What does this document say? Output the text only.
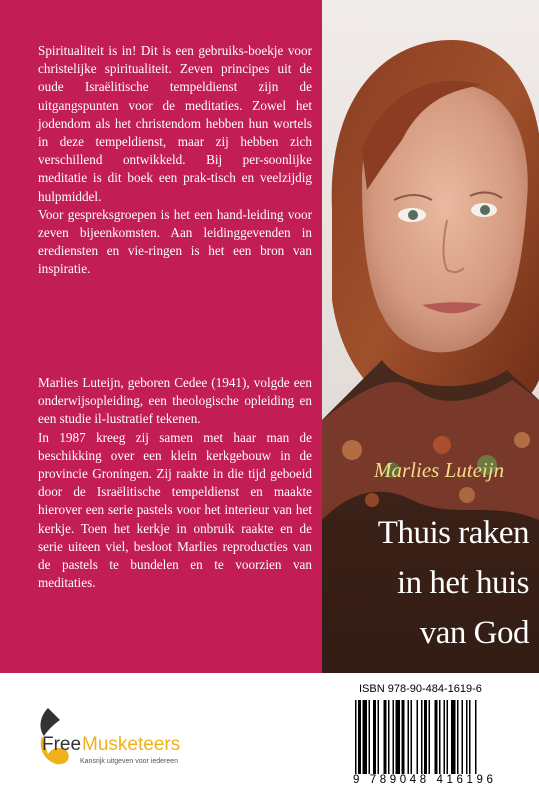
Spiritualiteit is in! Dit is een gebruiks-boekje voor christelijke spiritualiteit. Zeven principes uit de oude Israëlitische tempeldienst zijn de uitgangspunten voor de meditaties. Zowel het jodendom als het christendom hebben hun wortels in deze tempeldienst, maar zij hebben zich verschillend ontwikkeld. Bij per-soonlijke meditatie is dit boek een prak-tisch en veelzijdig hulpmiddel.

Voor gespreksgroepen is het een hand-leiding voor zeven bijeenkomsten. Aan leidinggevenden in erediensten en vie-ringen is het een bron van inspiratie.

Marlies Luteijn, geboren Cedee (1941), volgde een onderwijsopleiding, een theologische opleiding en een studie il-lustratief tekenen.

In 1987 kreeg zij samen met haar man de beschikking over een klein kerkgebouw in de provincie Groningen. Zij raakte in die tijd geboeid door de Israëlitische tempeldienst en maakte hierover een serie pastels voor het interieur van het kerkje. Toen het kerkje in onbruik raakte en de serie uiteen viel, besloot Marlies reproducties van de pastels te bundelen en te voorzien van meditaties.

Marlies Luteijn
Thuis raken
in het huis
van God
Free Musketeers
Kansrijk uitgeven voor iedereen
ISBN 978-90-484-1619-6
9 789048 416196
